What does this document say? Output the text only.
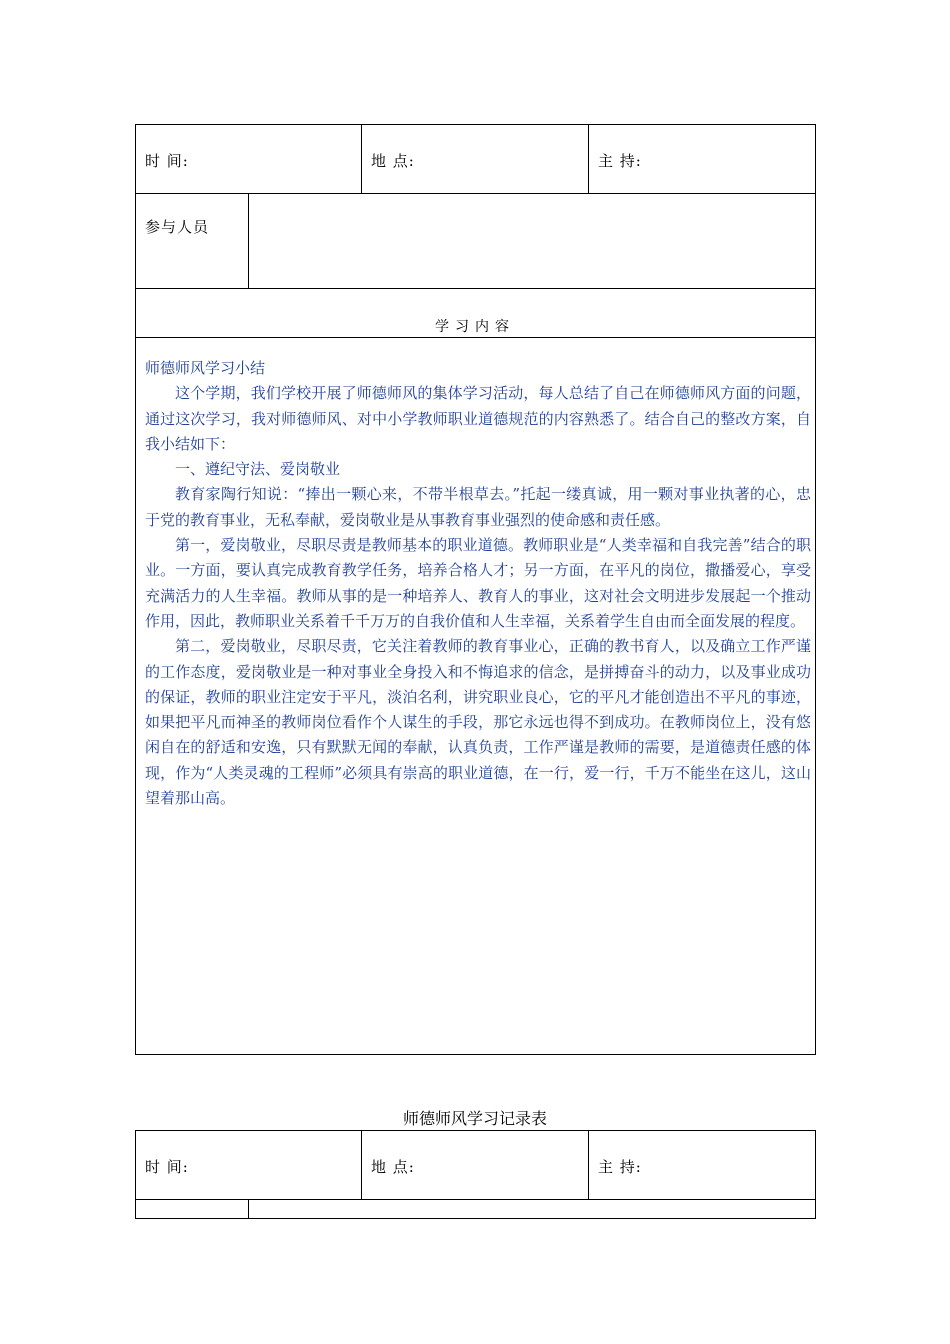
时 间:	地 点:	主 持:
参与人员
学习内容

师德师风学习小结

这个学期，我们学校开展了师德师风的集体学习活动，每人总结了自己在师德师风方面的问题，通过这次学习，我对师德师风、对中小学教师职业道德规范的内容熟悉了。结合自己的整改方案，自我小结如下：

一、遵纪守法、爱岗敬业

教育家陶行知说：“捧出一颗心来，不带半根草去。”托起一缕真诚，用一颗对事业执著的心，忠于党的教育事业，无私奉献，爱岗敬业是从事教育事业强烈的使命感和责任感。

第一，爱岗敬业，尽职尽责是教师基本的职业道德。教师职业是“人类幸福和自我完善”结合的职业。一方面，要认真完成教育教学任务，培养合格人才；另一方面，在平凡的岗位，撒播爱心，享受充满活力的人生幸福。教师从事的是一种培养人、教育人的事业，这对社会文明进步发展起一个推动作用，因此，教师职业关系着千千万万的自我价值和人生幸福，关系着学生自由而全面发展的程度。

第二，爱岗敬业，尽职尽责，它关注着教师的教育事业心，正确的教书育人，以及确立工作严谨的工作态度，爱岗敬业是一种对事业全身投入和不悔追求的信念，是拼搏奋斗的动力，以及事业成功的保证，教师的职业注定安于平凡，淡泊名利，讲究职业良心，它的平凡才能创造出不平凡的事迹，如果把平凡而神圣的教师岗位看作个人谋生的手段，那它永远也得不到成功。在教师岗位上，没有悠闲自在的舒适和安逸，只有默默无闻的奉献，认真负责，工作严谨是教师的需要，是道德责任感的体现，作为“人类灵魂的工程师”必须具有崇高的职业道德，在一行，爱一行，千万不能坐在这儿，这山望着那山高。

师德师风学习记录表
时 间:	地 点:	主 持:
